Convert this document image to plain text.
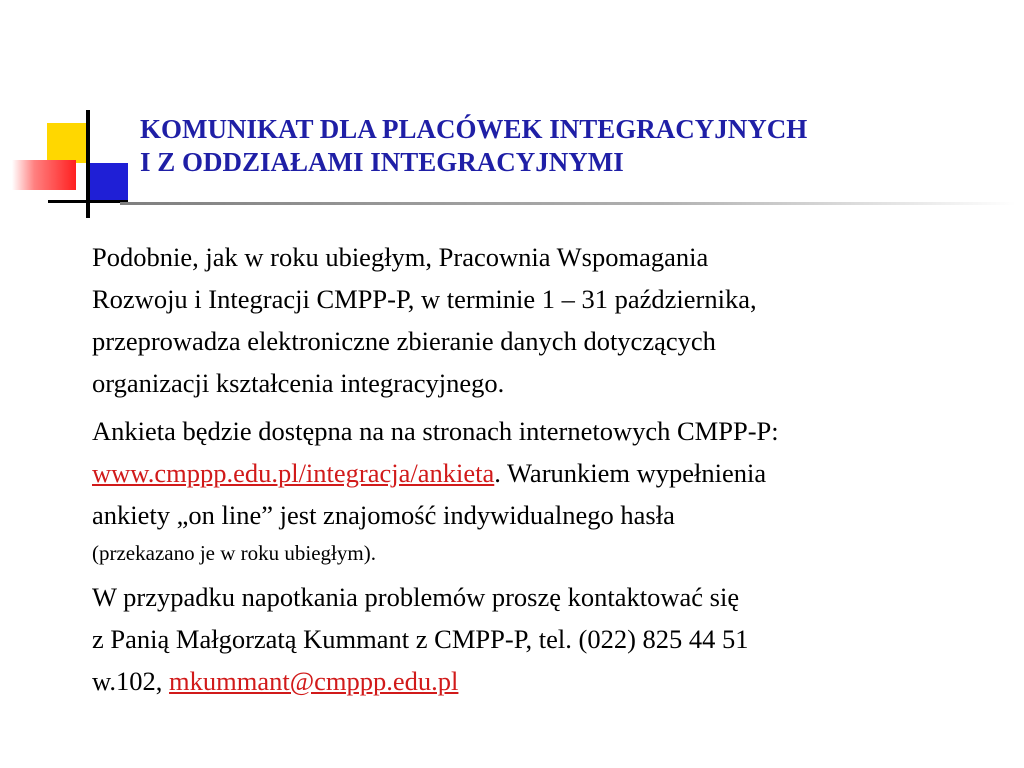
KOMUNIKAT DLA PLACÓWEK INTEGRACYJNYCH
I Z ODDZIAŁAMI INTEGRACYJNYMI
Podobnie, jak w roku ubiegłym, Pracownia Wspomagania
Rozwoju i Integracji CMPP-P, w terminie 1 – 31 października,
przeprowadza elektroniczne zbieranie danych dotyczących
organizacji kształcenia integracyjnego.
Ankieta będzie dostępna na na stronach internetowych CMPP-P:
www.cmppp.edu.pl/integracja/ankieta. Warunkiem wypełnienia
ankiety „on line” jest znajomość indywidualnego hasła
(przekazano je w roku ubiegłym).
W przypadku napotkania problemów proszę kontaktować się
z Panią Małgorzatą Kummant z CMPP-P, tel. (022) 825 44 51
w.102, mkummant@cmppp.edu.pl
